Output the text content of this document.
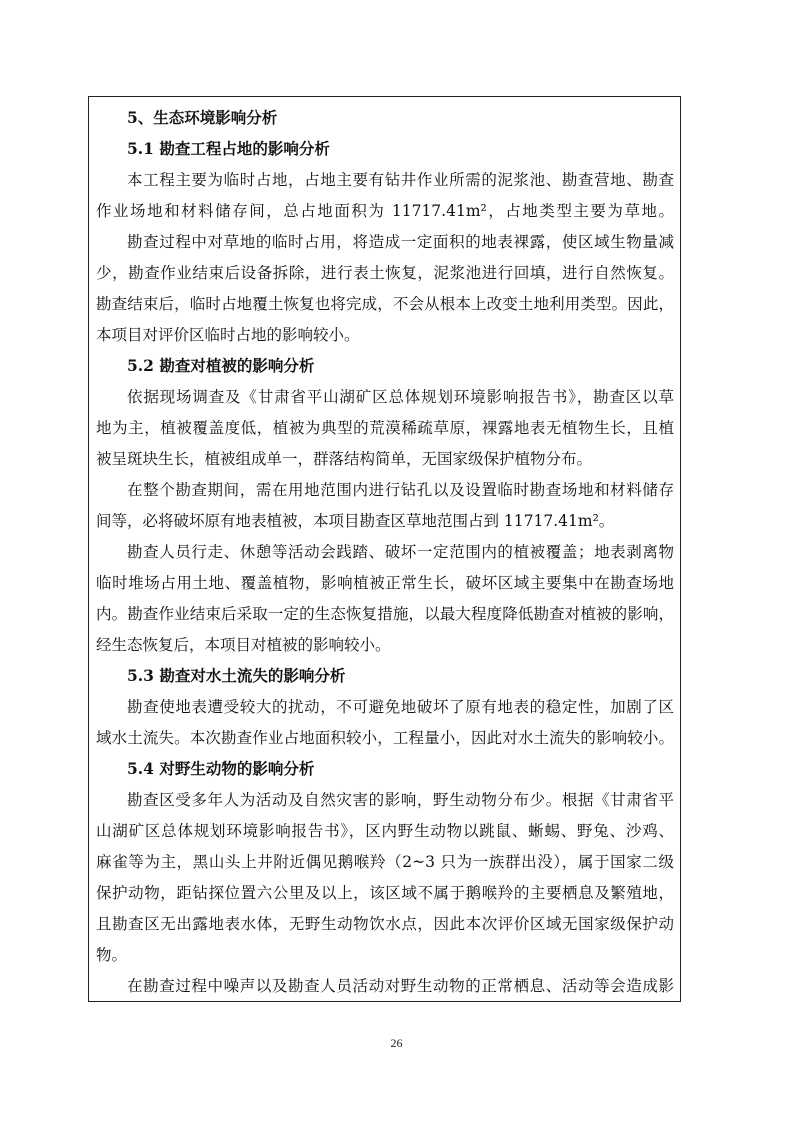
5、生态环境影响分析
5.1 勘查工程占地的影响分析
本工程主要为临时占地，占地主要有钻井作业所需的泥浆池、勘查营地、勘查
作业场地和材料储存间，总占地面积为 11717.41m²，占地类型主要为草地。
勘查过程中对草地的临时占用，将造成一定面积的地表裸露，使区域生物量减
少，勘查作业结束后设备拆除，进行表土恢复，泥浆池进行回填，进行自然恢复。
勘查结束后，临时占地覆土恢复也将完成，不会从根本上改变土地利用类型。因此，
本项目对评价区临时占地的影响较小。
5.2 勘查对植被的影响分析
依据现场调查及《甘肃省平山湖矿区总体规划环境影响报告书》，勘查区以草
地为主，植被覆盖度低，植被为典型的荒漠稀疏草原，裸露地表无植物生长，且植
被呈斑块生长，植被组成单一，群落结构简单，无国家级保护植物分布。
在整个勘查期间，需在用地范围内进行钻孔以及设置临时勘查场地和材料储存
间等，必将破坏原有地表植被，本项目勘查区草地范围占到 11717.41m²。
勘查人员行走、休憩等活动会践踏、破坏一定范围内的植被覆盖；地表剥离物
临时堆场占用土地、覆盖植物，影响植被正常生长，破坏区域主要集中在勘查场地
内。勘查作业结束后采取一定的生态恢复措施，以最大程度降低勘查对植被的影响，
经生态恢复后，本项目对植被的影响较小。
5.3 勘查对水土流失的影响分析
勘查使地表遭受较大的扰动，不可避免地破坏了原有地表的稳定性，加剧了区
域水土流失。本次勘查作业占地面积较小，工程量小，因此对水土流失的影响较小。
5.4 对野生动物的影响分析
勘查区受多年人为活动及自然灾害的影响，野生动物分布少。根据《甘肃省平
山湖矿区总体规划环境影响报告书》，区内野生动物以跳鼠、蜥蜴、野兔、沙鸡、
麻雀等为主，黑山头上井附近偶见鹅喉羚（2~3 只为一族群出没），属于国家二级
保护动物，距钻探位置六公里及以上，该区域不属于鹅喉羚的主要栖息及繁殖地，
且勘查区无出露地表水体，无野生动物饮水点，因此本次评价区域无国家级保护动
物。
在勘查过程中噪声以及勘查人员活动对野生动物的正常栖息、活动等会造成影
26
